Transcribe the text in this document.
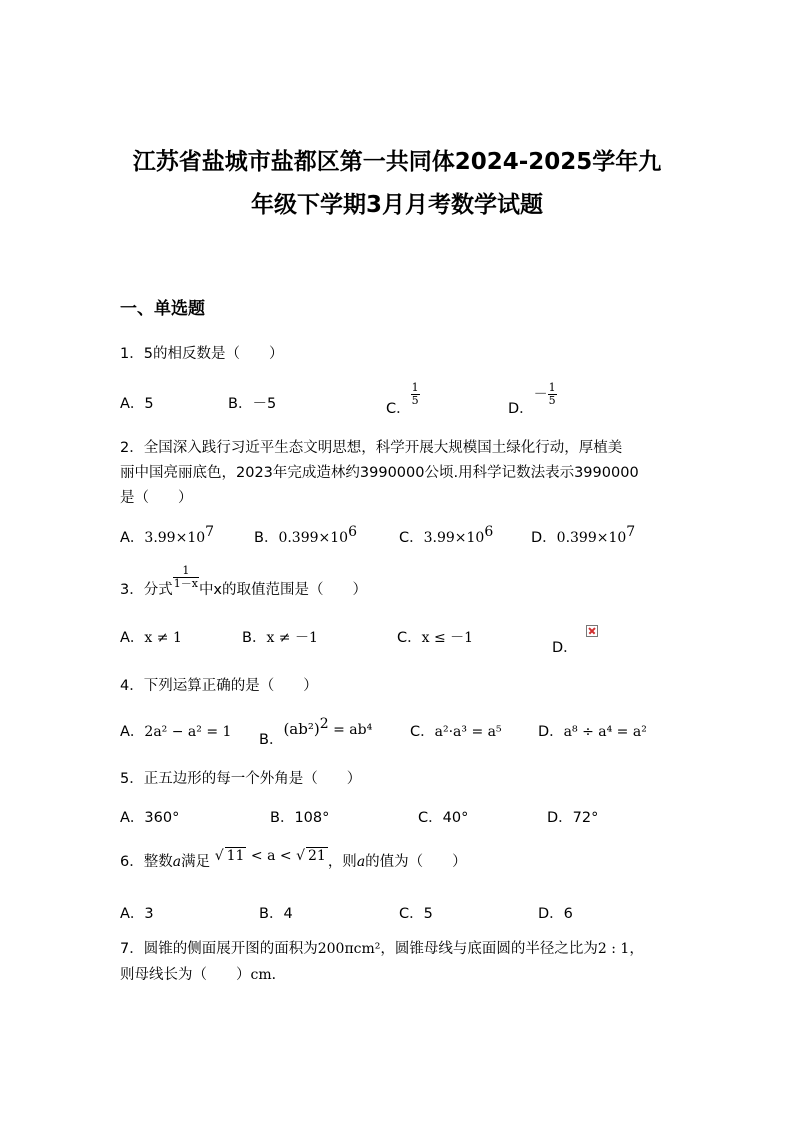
江苏省盐城市盐都区第一共同体2024-2025学年九
年级下学期3月月考数学试题
一、单选题
1．5的相反数是（　　）
A．5	B．－5	C．
$\frac{1}{5}$
D．－ $\frac{1}{5}$
2．全国深入践行习近平生态文明思想，科学开展大规模国土绿化行动，厚植美
丽中国亮丽底色，2023年完成造林约3990000公顷.用科学记数法表示3990000
是（　　）
A．$3.99\times 10^7$	B．$0.399\times 10^6$	C．$3.99\times 10^6$	D．$0.399\times 10^7$
3．分式 $\frac{1}{1-x}$ 中x的取值范围是（　　）
A．x ≠ 1	B．x ≠ －1	C．x ≤ －1
D．
4．下列运算正确的是（　　）
A．2a² − a² = 1 B．$(ab^2)^2 = ab^4$	C．a²·a³ = a⁵	D．a⁸ ÷ a⁴ = a²
5．正五边形的每一个外角是（　　）
A．360°	B．108°	C．40°	D．72°
6．整数a满足 √ 11 < a < √ 21 ，则a的值为（　　）
A．3	B．4	C．5	D．6
7．圆锥的侧面展开图的面积为200πcm²，圆锥母线与底面圆的半径之比为2 : 1，
则母线长为（　　）cm．
